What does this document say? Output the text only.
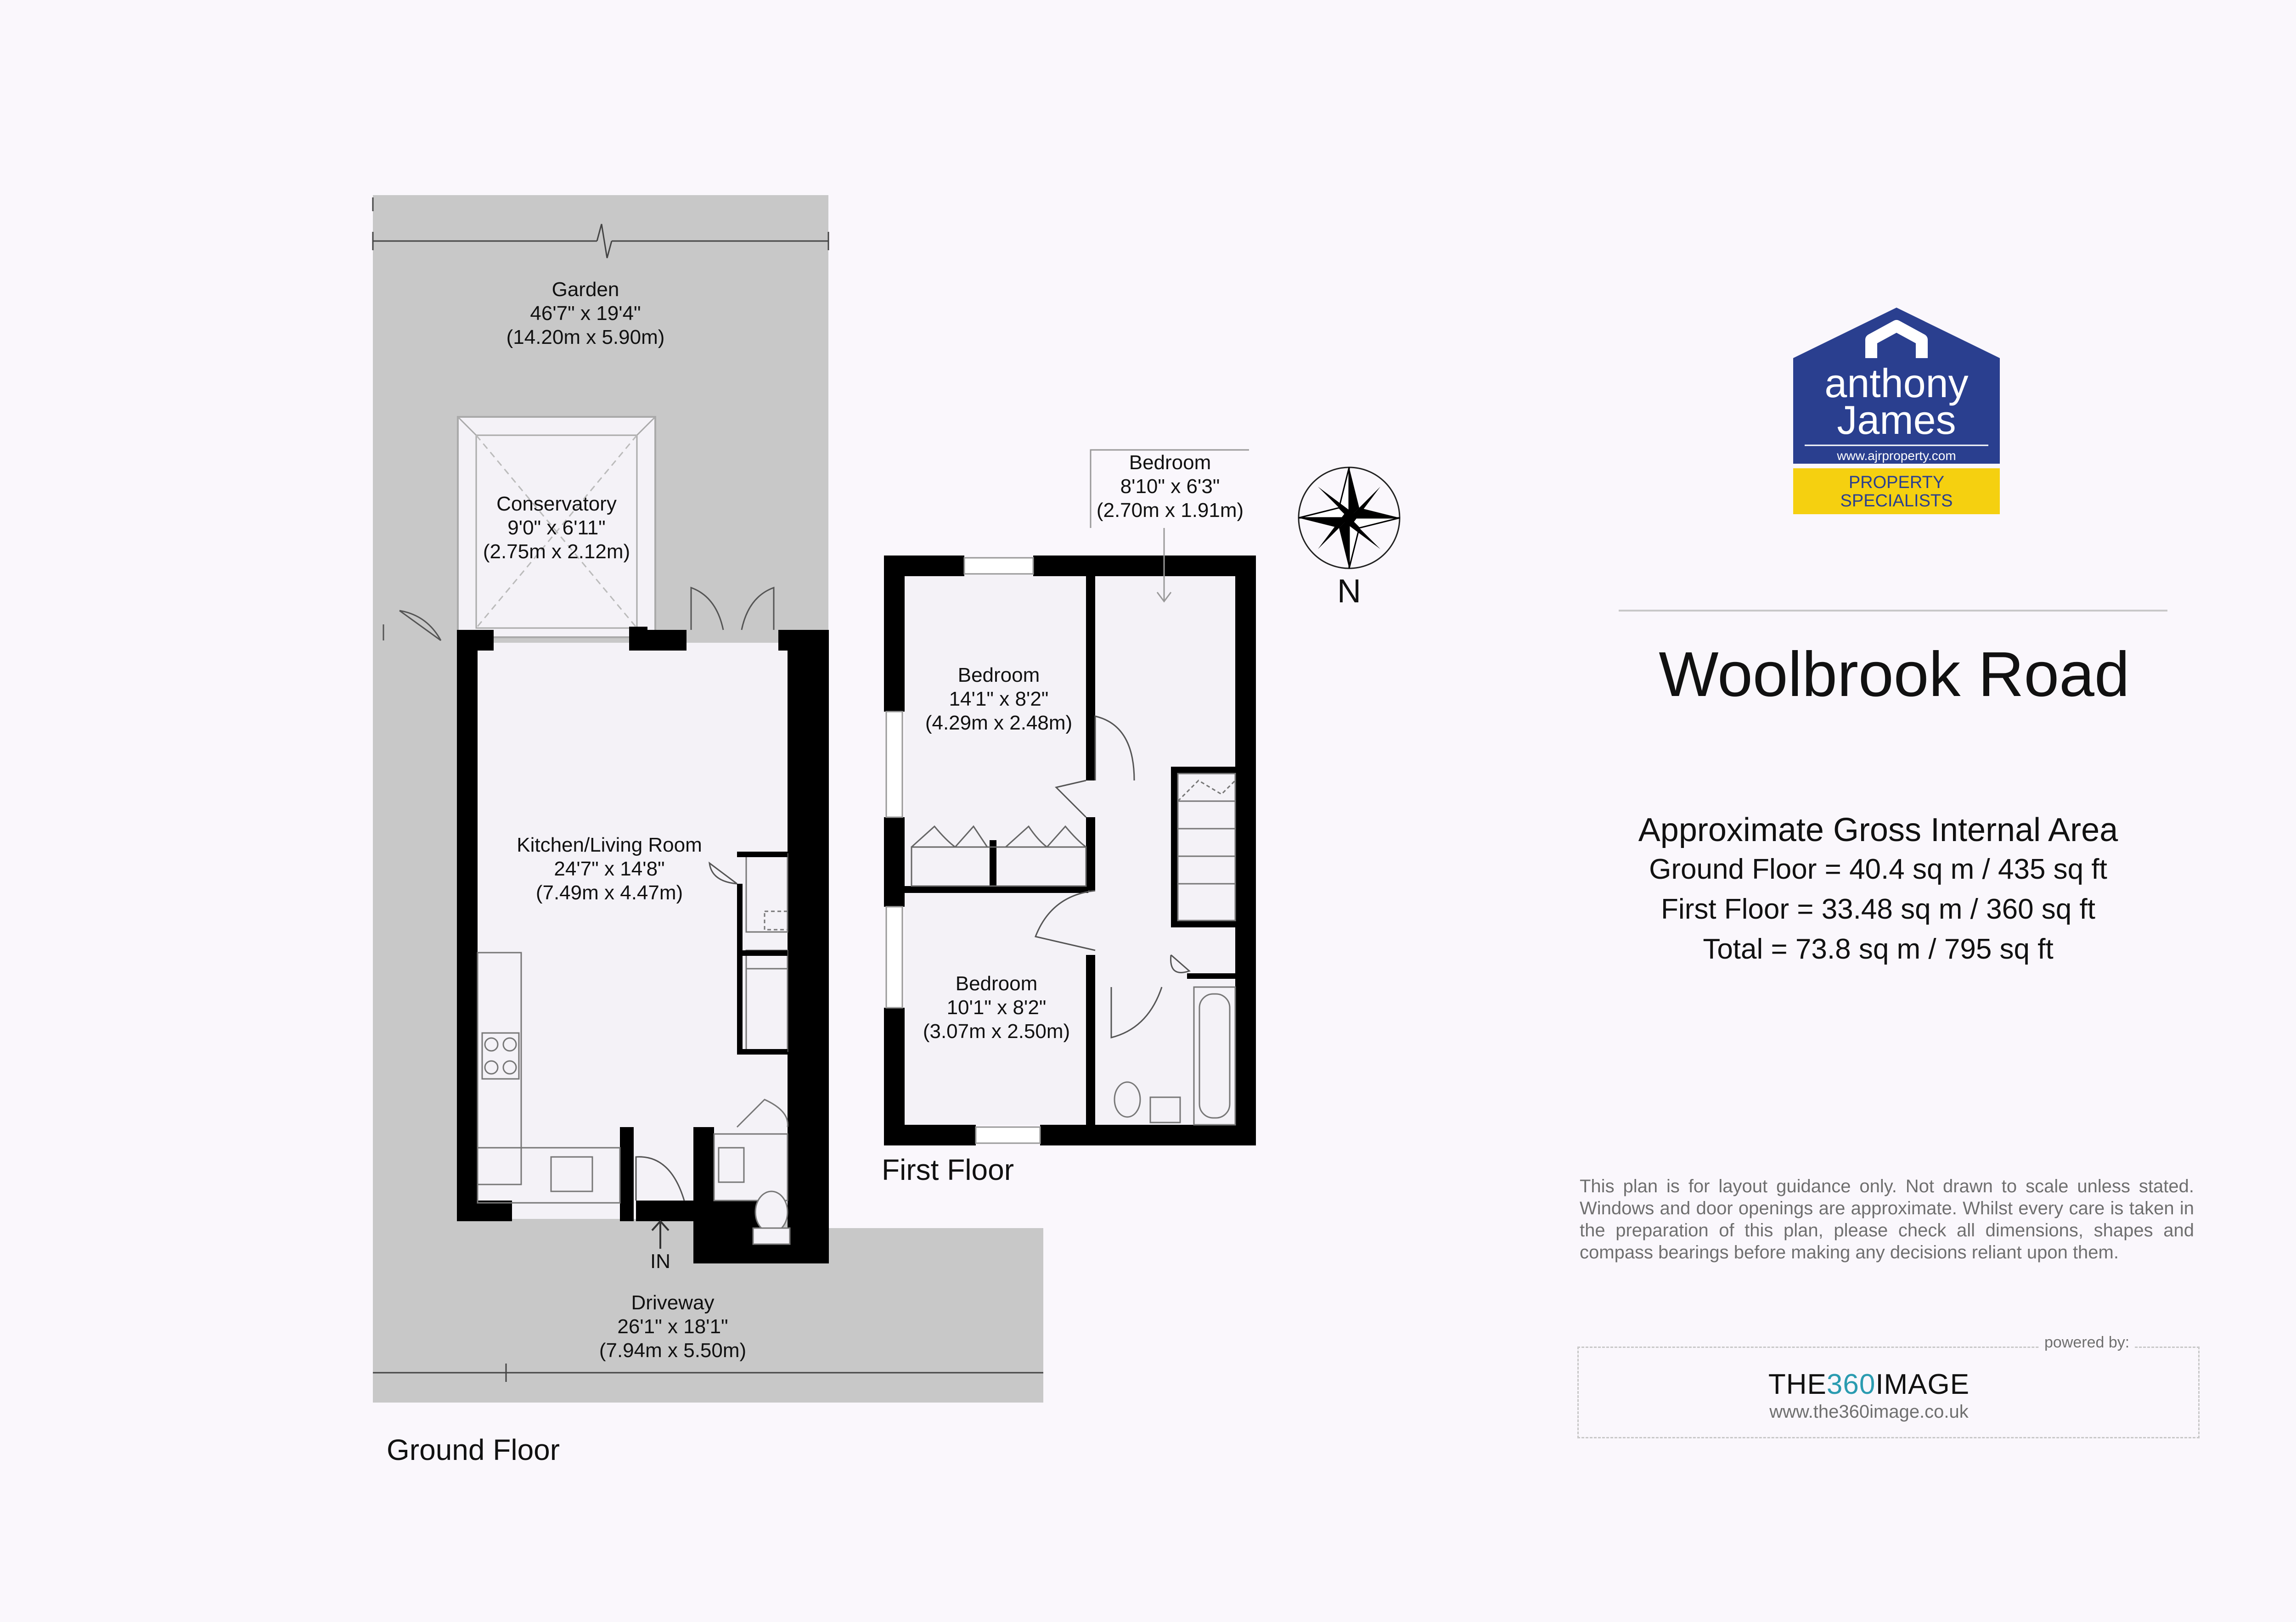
Garden
46'7" x 19'4"
(14.20m x 5.90m)
Conservatory
9'0" x 6'11"
(2.75m x 2.12m)
Kitchen/Living Room
24'7" x 14'8"
(7.49m x 4.47m)
IN
Driveway
26'1" x 18'1"
(7.94m x 5.50m)
Ground Floor
Bedroom
8'10" x 6'3"
(2.70m x 1.91m)
Bedroom
14'1" x 8'2"
(4.29m x 2.48m)
Bedroom
10'1" x 8'2"
(3.07m x 2.50m)
First Floor
N
anthony
James
www.ajrproperty.com
PROPERTY
SPECIALISTS
Woolbrook Road
Approximate Gross Internal Area
Ground Floor = 40.4 sq m / 435 sq ft
First Floor = 33.48 sq m / 360 sq ft
Total = 73.8 sq m / 795 sq ft
This plan is for layout guidance only. Not drawn to scale unless stated. Windows and door openings are approximate. Whilst every care is taken in the preparation of this plan, please check all dimensions, shapes and compass bearings before making any decisions reliant upon them.
powered by:
THE360IMAGE
www.the360image.co.uk
